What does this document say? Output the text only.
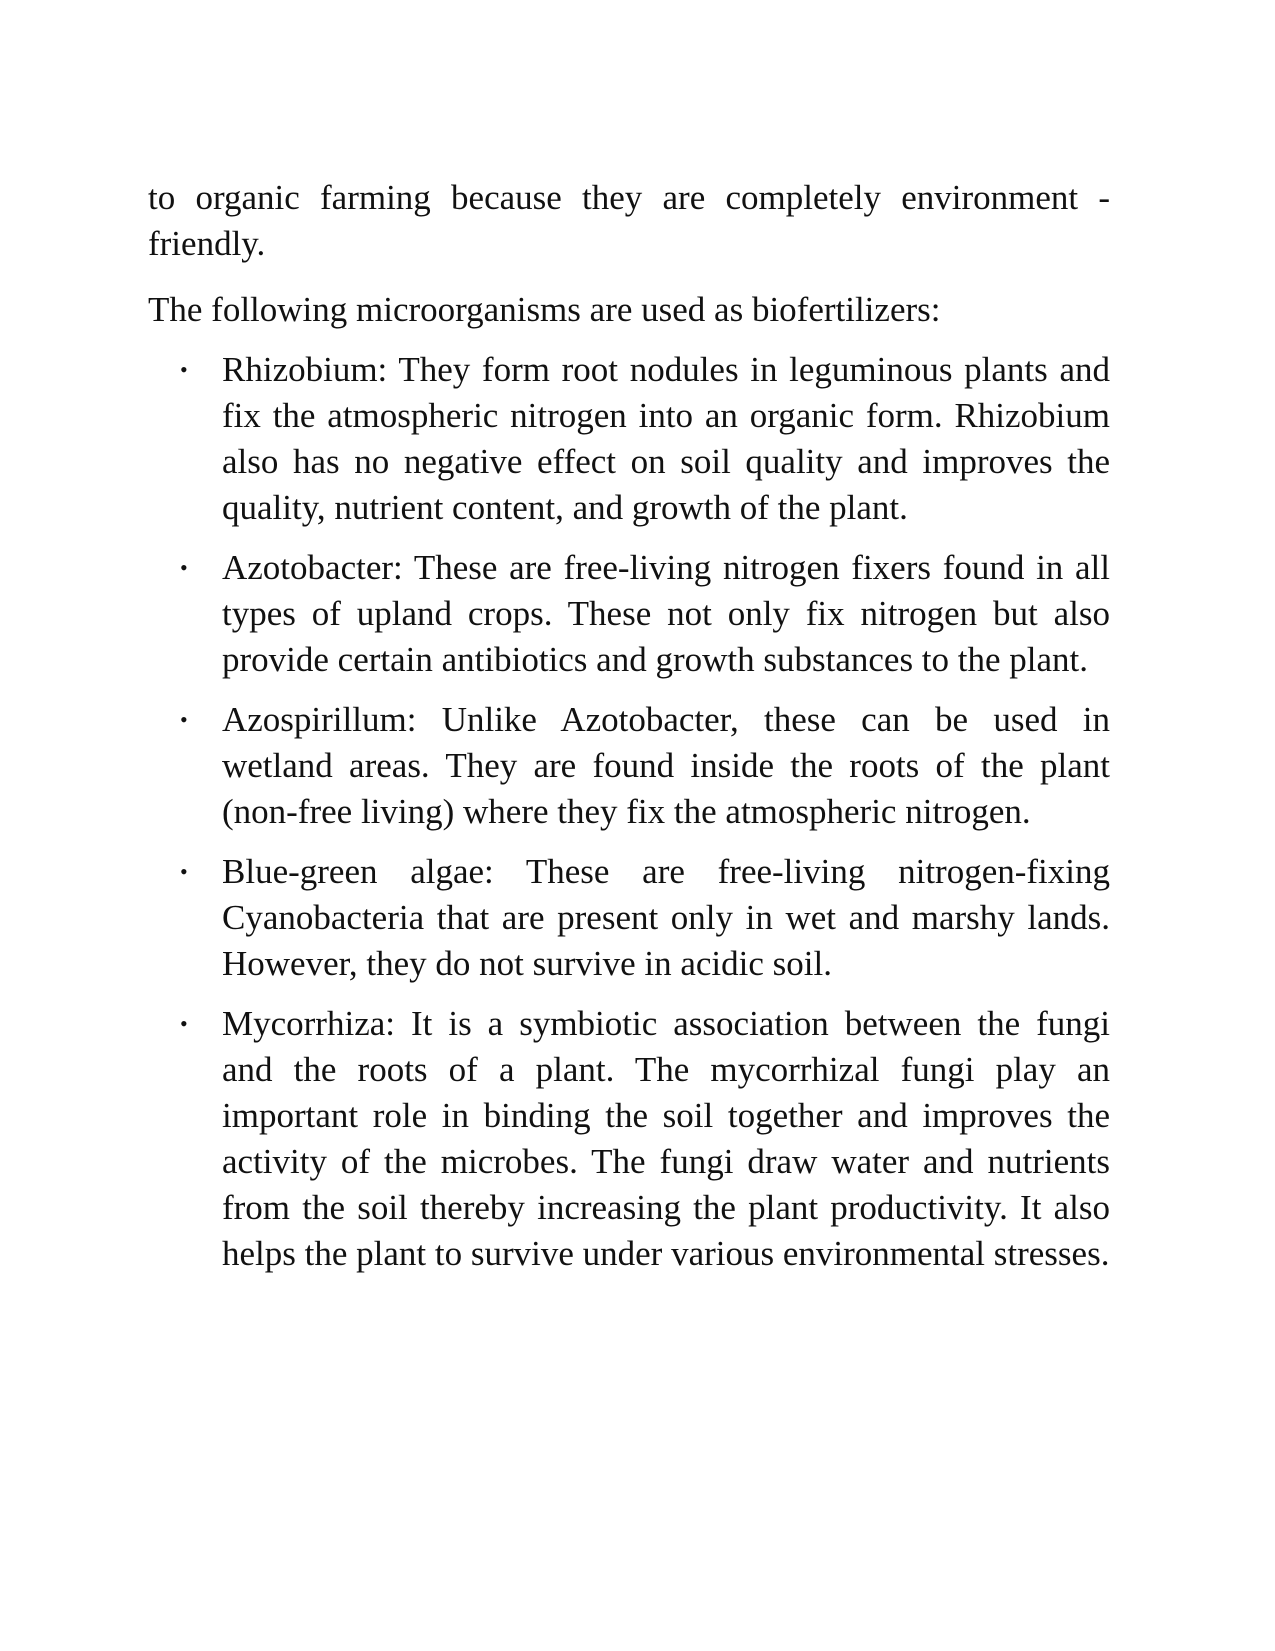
to organic farming because they are completely environment - friendly.

The following microorganisms are used as biofertilizers:

• Rhizobium: They form root nodules in leguminous plants and fix the atmospheric nitrogen into an organic form. Rhizobium also has no negative effect on soil quality and improves the quality, nutrient content, and growth of the plant.
• Azotobacter: These are free-living nitrogen fixers found in all types of upland crops. These not only fix nitrogen but also provide certain antibiotics and growth substances to the plant.
• Azospirillum: Unlike Azotobacter, these can be used in wetland areas. They are found inside the roots of the plant (non-free living) where they fix the atmospheric nitrogen.
• Blue-green algae: These are free-living nitrogen-fixing Cyanobacteria that are present only in wet and marshy lands. However, they do not survive in acidic soil.
• Mycorrhiza: It is a symbiotic association between the fungi and the roots of a plant. The mycorrhizal fungi play an important role in binding the soil together and improves the activity of the microbes. The fungi draw water and nutrients from the soil thereby increasing the plant productivity. It also helps the plant to survive under various environmental stresses.
